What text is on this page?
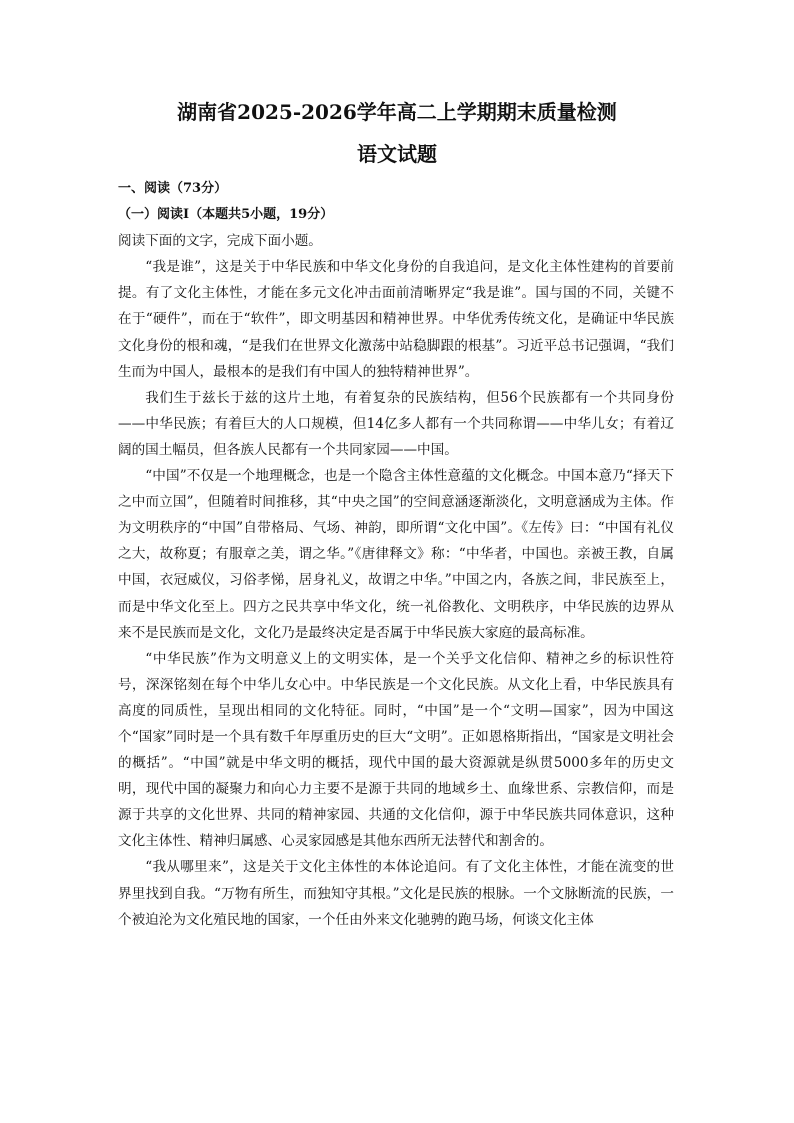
湖南省2025-2026学年高二上学期期末质量检测
语文试题

一、阅读（73分）

（一）阅读Ⅰ（本题共5小题，19分）

阅读下面的文字，完成下面小题。

“我是谁”，这是关于中华民族和中华文化身份的自我追问，是文化主体性建构的首要前提。有了文化主体性，才能在多元文化冲击面前清晰界定“我是谁”。国与国的不同，关键不在于“硬件”，而在于“软件”，即文明基因和精神世界。中华优秀传统文化，是确证中华民族文化身份的根和魂，“是我们在世界文化激荡中站稳脚跟的根基”。习近平总书记强调，“我们生而为中国人，最根本的是我们有中国人的独特精神世界”。

我们生于兹长于兹的这片土地，有着复杂的民族结构，但56个民族都有一个共同身份——中华民族；有着巨大的人口规模，但14亿多人都有一个共同称谓——中华儿女；有着辽阔的国土幅员，但各族人民都有一个共同家园——中国。

“中国”不仅是一个地理概念，也是一个隐含主体性意蕴的文化概念。中国本意乃“择天下之中而立国”，但随着时间推移，其“中央之国”的空间意涵逐渐淡化，文明意涵成为主体。作为文明秩序的“中国”自带格局、气场、神韵，即所谓“文化中国”。《左传》曰：“中国有礼仪之大，故称夏；有服章之美，谓之华。”《唐律释文》称：“中华者，中国也。亲被王教，自属中国，衣冠威仪，习俗孝悌，居身礼义，故谓之中华。”中国之内，各族之间，非民族至上，而是中华文化至上。四方之民共享中华文化，统一礼俗教化、文明秩序，中华民族的边界从来不是民族而是文化，文化乃是最终决定是否属于中华民族大家庭的最高标准。

“中华民族”作为文明意义上的文明实体，是一个关乎文化信仰、精神之乡的标识性符号，深深铭刻在每个中华儿女心中。中华民族是一个文化民族。从文化上看，中华民族具有高度的同质性，呈现出相同的文化特征。同时，“中国”是一个“文明—国家”，因为中国这个“国家”同时是一个具有数千年厚重历史的巨大“文明”。正如恩格斯指出，“国家是文明社会的概括”。“中国”就是中华文明的概括，现代中国的最大资源就是纵贯5000多年的历史文明，现代中国的凝聚力和向心力主要不是源于共同的地域乡土、血缘世系、宗教信仰，而是源于共享的文化世界、共同的精神家园、共通的文化信仰，源于中华民族共同体意识，这种文化主体性、精神归属感、心灵家园感是其他东西所无法替代和割舍的。

“我从哪里来”，这是关于文化主体性的本体论追问。有了文化主体性，才能在流变的世界里找到自我。“万物有所生，而独知守其根。”文化是民族的根脉。一个文脉断流的民族，一个被迫沦为文化殖民地的国家，一个任由外来文化驰骋的跑马场，何谈文化主体
